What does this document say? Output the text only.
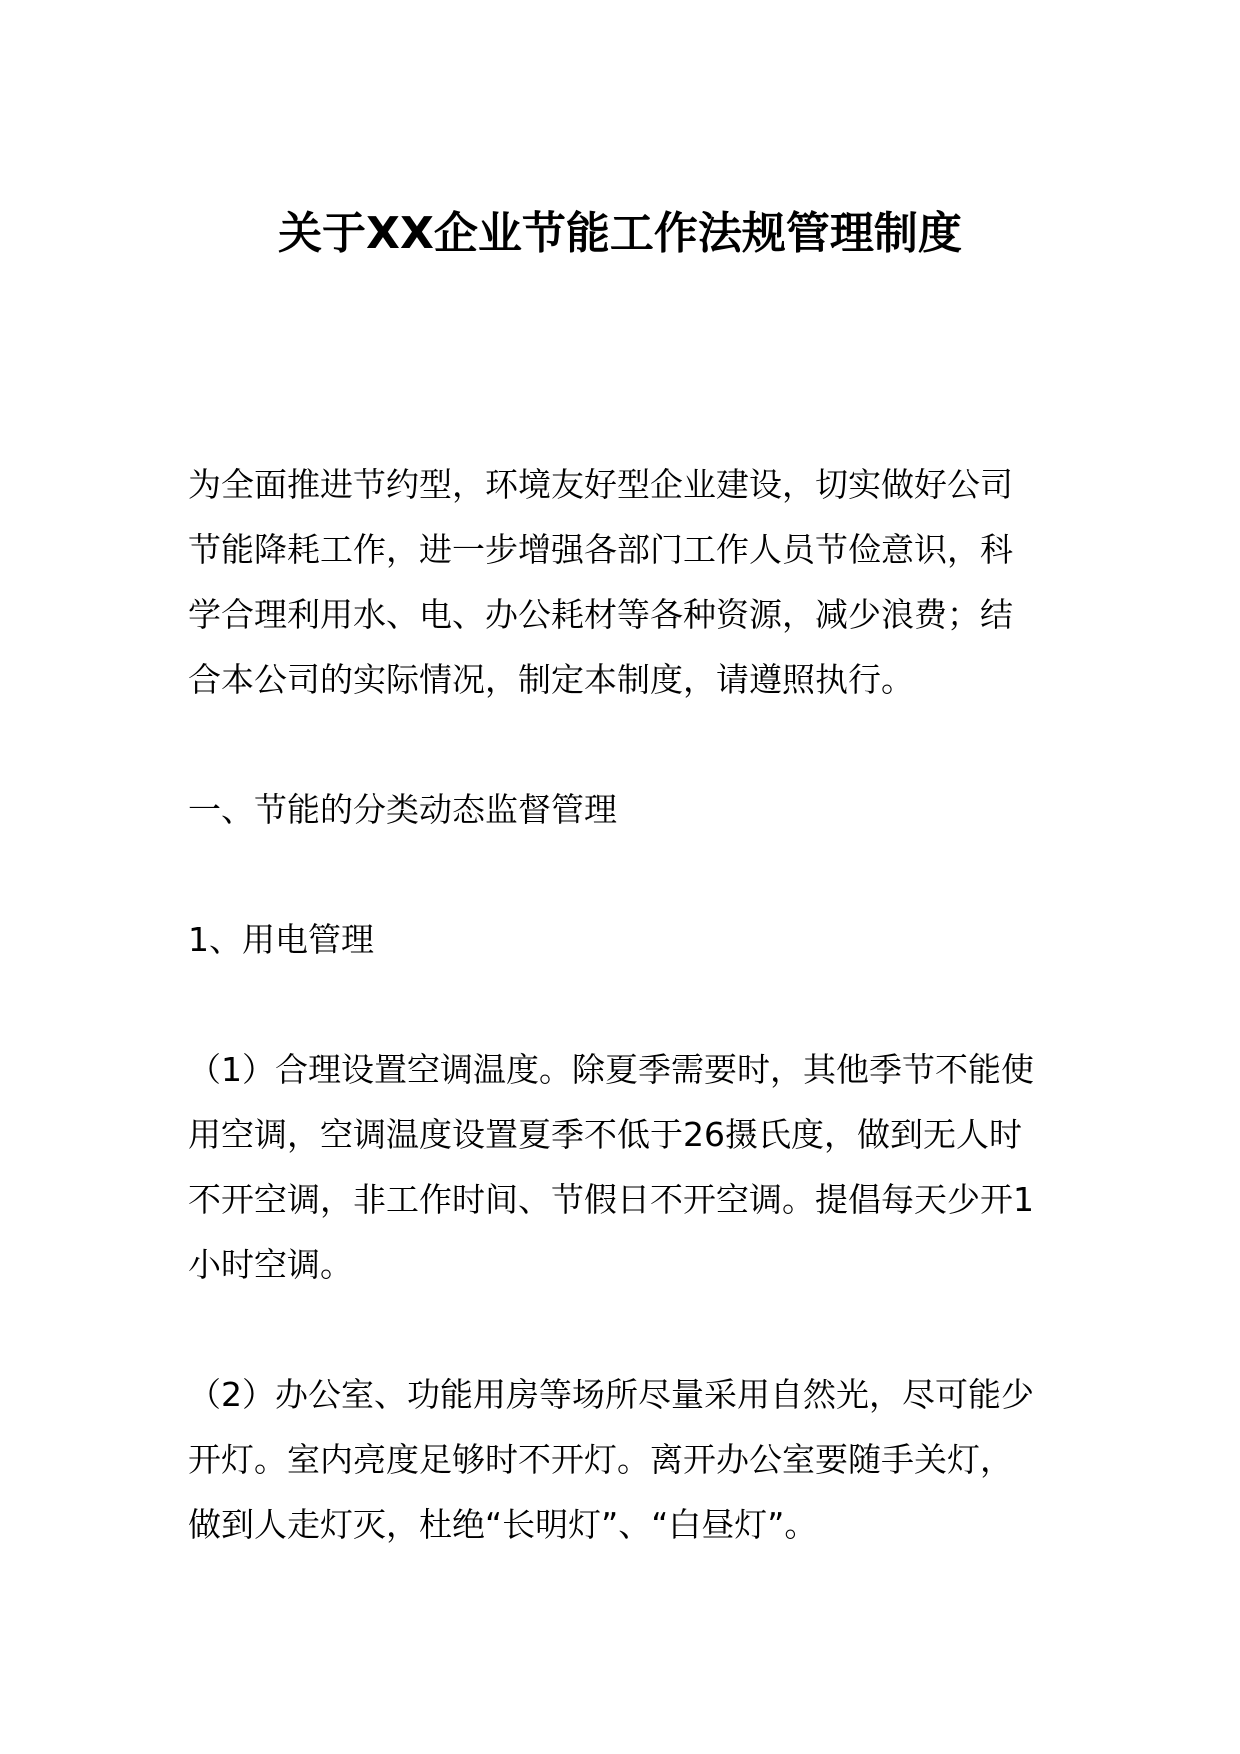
关于XX企业节能工作法规管理制度
为全面推进节约型，环境友好型企业建设，切实做好公司
节能降耗工作，进一步增强各部门工作人员节俭意识，科
学合理利用水、电、办公耗材等各种资源，减少浪费；结
合本公司的实际情况，制定本制度，请遵照执行。
一、节能的分类动态监督管理
1、用电管理
（1）合理设置空调温度。除夏季需要时，其他季节不能使
用空调，空调温度设置夏季不低于26摄氏度，做到无人时
不开空调，非工作时间、节假日不开空调。提倡每天少开1
小时空调。
（2）办公室、功能用房等场所尽量采用自然光，尽可能少
开灯。室内亮度足够时不开灯。离开办公室要随手关灯，
做到人走灯灭，杜绝“长明灯”、“白昼灯”。
